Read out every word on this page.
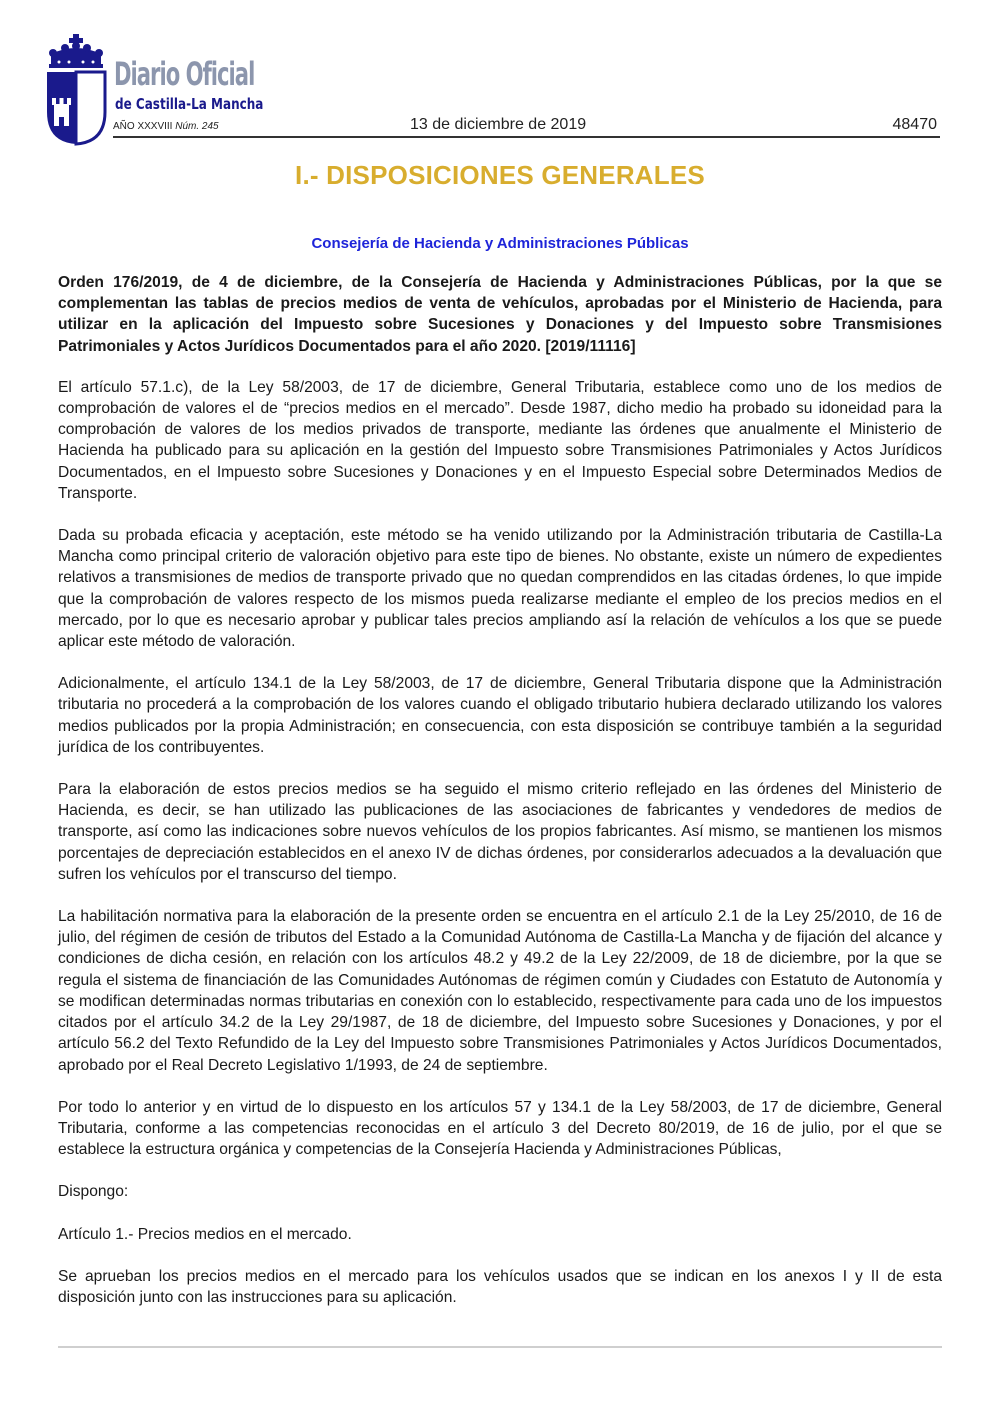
Diario Oficial
de Castilla-La Mancha
AÑO XXXVIII Núm. 245	13 de diciembre de 2019	48470
I.- DISPOSICIONES GENERALES
Consejería de Hacienda y Administraciones Públicas

Orden 176/2019, de 4 de diciembre, de la Consejería de Hacienda y Administraciones Públicas, por la que se complementan las tablas de precios medios de venta de vehículos, aprobadas por el Ministerio de Hacienda, para utilizar en la aplicación del Impuesto sobre Sucesiones y Donaciones y del Impuesto sobre Transmisiones Patrimoniales y Actos Jurídicos Documentados para el año 2020. [2019/11116]

El artículo 57.1.c), de la Ley 58/2003, de 17 de diciembre, General Tributaria, establece como uno de los medios de comprobación de valores el de “precios medios en el mercado”. Desde 1987, dicho medio ha probado su idoneidad para la comprobación de valores de los medios privados de transporte, mediante las órdenes que anualmente el Ministerio de Hacienda ha publicado para su aplicación en la gestión del Impuesto sobre Transmisiones Patrimoniales y Actos Jurídicos Documentados, en el Impuesto sobre Sucesiones y Donaciones y en el Impuesto Especial sobre Determinados Medios de Transporte.

Dada su probada eficacia y aceptación, este método se ha venido utilizando por la Administración tributaria de Castilla-La Mancha como principal criterio de valoración objetivo para este tipo de bienes. No obstante, existe un número de expedientes relativos a transmisiones de medios de transporte privado que no quedan comprendidos en las citadas órdenes, lo que impide que la comprobación de valores respecto de los mismos pueda realizarse mediante el empleo de los precios medios en el mercado, por lo que es necesario aprobar y publicar tales precios ampliando así la relación de vehículos a los que se puede aplicar este método de valoración.

Adicionalmente, el artículo 134.1 de la Ley 58/2003, de 17 de diciembre, General Tributaria dispone que la Administración tributaria no procederá a la comprobación de los valores cuando el obligado tributario hubiera declarado utilizando los valores medios publicados por la propia Administración; en consecuencia, con esta disposición se contribuye también a la seguridad jurídica de los contribuyentes.

Para la elaboración de estos precios medios se ha seguido el mismo criterio reflejado en las órdenes del Ministerio de Hacienda, es decir, se han utilizado las publicaciones de las asociaciones de fabricantes y vendedores de medios de transporte, así como las indicaciones sobre nuevos vehículos de los propios fabricantes. Así mismo, se mantienen los mismos porcentajes de depreciación establecidos en el anexo IV de dichas órdenes, por considerarlos adecuados a la devaluación que sufren los vehículos por el transcurso del tiempo.

La habilitación normativa para la elaboración de la presente orden se encuentra en el artículo 2.1 de la Ley 25/2010, de 16 de julio, del régimen de cesión de tributos del Estado a la Comunidad Autónoma de Castilla-La Mancha y de fijación del alcance y condiciones de dicha cesión, en relación con los artículos 48.2 y 49.2 de la Ley 22/2009, de 18 de diciembre, por la que se regula el sistema de financiación de las Comunidades Autónomas de régimen común y Ciudades con Estatuto de Autonomía y se modifican determinadas normas tributarias en conexión con lo establecido, respectivamente para cada uno de los impuestos citados por el artículo 34.2 de la Ley 29/1987, de 18 de diciembre, del Impuesto sobre Sucesiones y Donaciones, y por el artículo 56.2 del Texto Refundido de la Ley del Impuesto sobre Transmisiones Patrimoniales y Actos Jurídicos Documentados, aprobado por el Real Decreto Legislativo 1/1993, de 24 de septiembre.

Por todo lo anterior y en virtud de lo dispuesto en los artículos 57 y 134.1 de la Ley 58/2003, de 17 de diciembre, General Tributaria, conforme a las competencias reconocidas en el artículo 3 del Decreto 80/2019, de 16 de julio, por el que se establece la estructura orgánica y competencias de la Consejería Hacienda y Administraciones Públicas,

Dispongo:

Artículo 1.- Precios medios en el mercado.

Se aprueban los precios medios en el mercado para los vehículos usados que se indican en los anexos I y II de esta disposición junto con las instrucciones para su aplicación.
